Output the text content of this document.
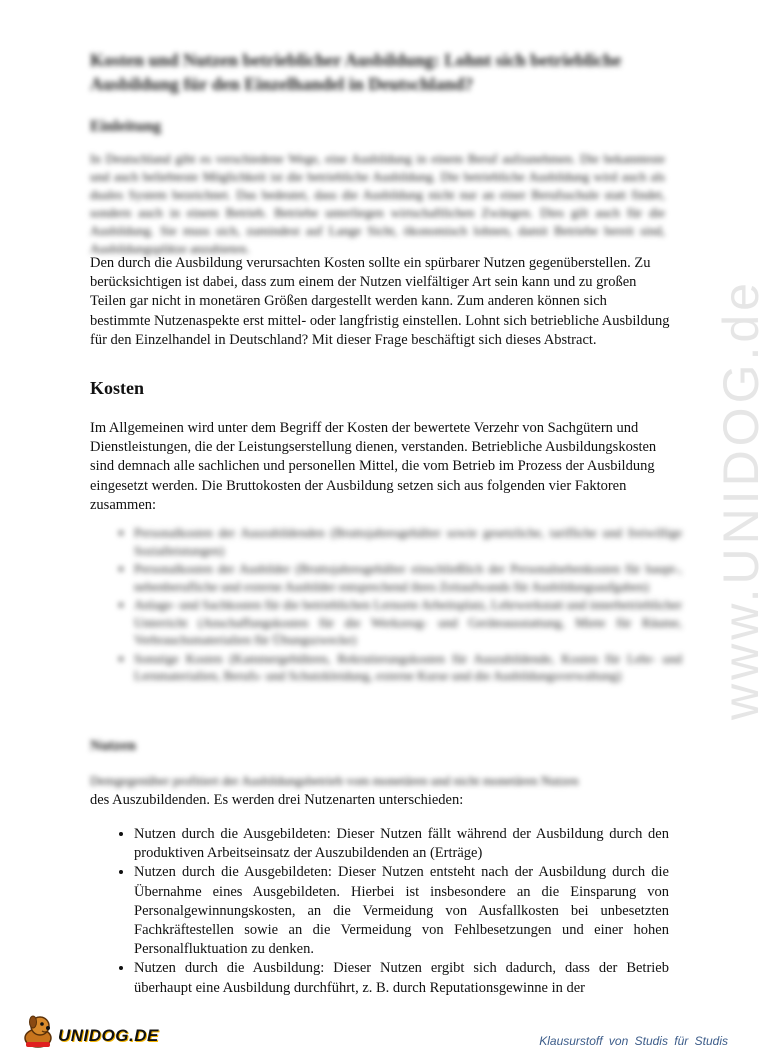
Kosten und Nutzen betrieblicher Ausbildung: Lohnt sich betriebliche Ausbildung für den Einzelhandel in Deutschland?
Einleitung
In Deutschland gibt es verschiedene Wege, eine Ausbildung in einem Beruf aufzunehmen. Die bekannteste und auch beliebteste Möglichkeit ist die betriebliche Ausbildung. Die betriebliche Ausbildung wird auch als duales System bezeichnet. Das bedeutet, dass die Ausbildung nicht nur an einer Berufsschule statt findet, sondern auch in einem Betrieb. Betriebe unterliegen wirtschaftlichen Zwängen. Dies gilt auch für die Ausbildung. Sie muss sich, zumindest auf Lange Sicht, ökonomisch lohnen, damit Betriebe bereit sind, Ausbildungsplätze anzubieten.
Den durch die Ausbildung verursachten Kosten sollte ein spürbarer Nutzen gegenüberstellen. Zu berücksichtigen ist dabei, dass zum einem der Nutzen vielfältiger Art sein kann und zu großen Teilen gar nicht in monetären Größen dargestellt werden kann. Zum anderen können sich bestimmte Nutzenaspekte erst mittel- oder langfristig einstellen. Lohnt sich betriebliche Ausbildung für den Einzelhandel in Deutschland? Mit dieser Frage beschäftigt sich dieses Abstract.
Kosten
Im Allgemeinen wird unter dem Begriff der Kosten der bewertete Verzehr von Sachgütern und Dienstleistungen, die der Leistungserstellung dienen, verstanden. Betriebliche Ausbildungskosten sind demnach alle sachlichen und personellen Mittel, die vom Betrieb im Prozess der Ausbildung eingesetzt werden. Die Bruttokosten der Ausbildung setzen sich aus folgenden vier Faktoren zusammen:
• Personalkosten der Auszubildenden (Bruttojahresgehälter sowie gesetzliche, tarifliche und freiwillige Sozialleistungen)
• Personalkosten der Ausbilder (Bruttojahresgehälter einschließlich der Personalnebenkosten für haupt-, nebenberufliche und externe Ausbilder entsprechend ihres Zeitaufwands für Ausbildungsaufgaben)
• Anlage- und Sachkosten für die betrieblichen Lernorte Arbeitsplatz, Lehrwerkstatt und innerbetrieblicher Unterricht (Anschaffungskosten für die Werkzeug- und Geräteausstattung, Miete für Räume, Verbrauchsmaterialien für Übungszwecke)
• Sonstige Kosten (Kammergebühren, Rekrutierungskosten für Auszubildende, Kosten für Lehr- und Lernmaterialien, Berufs- und Schutzkleidung, externe Kurse und die Ausbildungsverwaltung)
Nutzen
Demgegenüber profitiert der Ausbildungsbetrieb vom monetären und nicht monetären Nutzen
des Auszubildenden. Es werden drei Nutzenarten unterschieden:
• Nutzen durch die Ausgebildeten: Dieser Nutzen fällt während der Ausbildung durch den produktiven Arbeitseinsatz der Auszubildenden an (Erträge)
• Nutzen durch die Ausgebildeten: Dieser Nutzen entsteht nach der Ausbildung durch die Übernahme eines Ausgebildeten. Hierbei ist insbesondere an die Einsparung von Personalgewinnungskosten, an die Vermeidung von Ausfallkosten bei unbesetzten Fachkräftestellen sowie an die Vermeidung von Fehlbesetzungen und einer hohen Personalfluktuation zu denken.
• Nutzen durch die Ausbildung: Dieser Nutzen ergibt sich dadurch, dass der Betrieb überhaupt eine Ausbildung durchführt, z. B. durch Reputationsgewinne in der
www.UNIDOG.de
UNIDOG.DE	Klausurstoff von Studis für Studis
